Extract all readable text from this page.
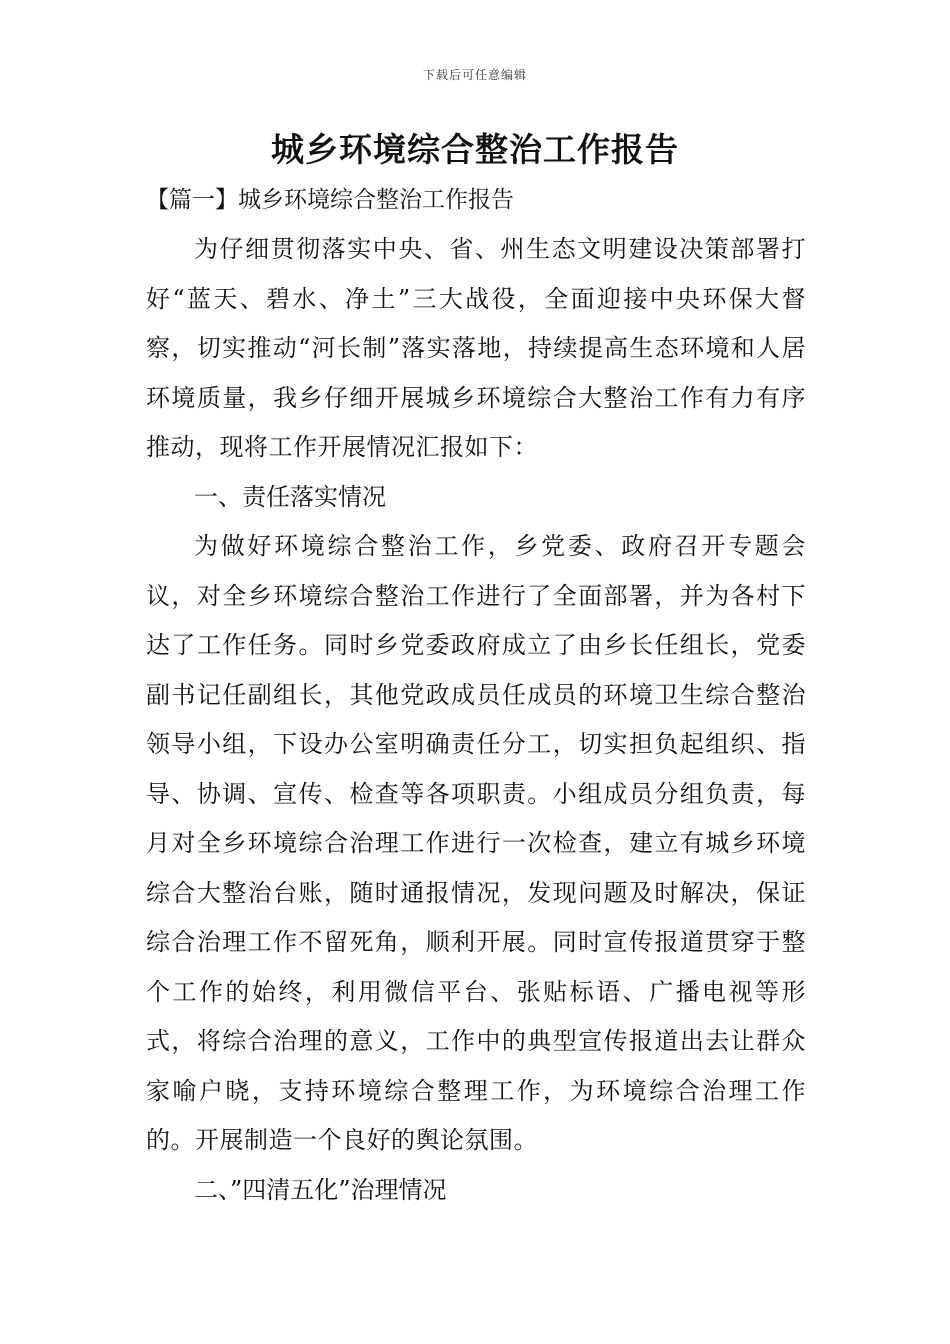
下载后可任意编辑
城乡环境综合整治工作报告

【篇一】城乡环境综合整治工作报告

为仔细贯彻落实中央、省、州生态文明建设决策部署打好“蓝天、碧水、净土”三大战役，全面迎接中央环保大督察，切实推动“河长制”落实落地，持续提高生态环境和人居环境质量，我乡仔细开展城乡环境综合大整治工作有力有序推动，现将工作开展情况汇报如下：

一、责任落实情况

为做好环境综合整治工作，乡党委、政府召开专题会议，对全乡环境综合整治工作进行了全面部署，并为各村下达了工作任务。同时乡党委政府成立了由乡长任组长，党委副书记任副组长，其他党政成员任成员的环境卫生综合整治领导小组，下设办公室明确责任分工，切实担负起组织、指导、协调、宣传、检查等各项职责。小组成员分组负责，每月对全乡环境综合治理工作进行一次检查，建立有城乡环境综合大整治台账，随时通报情况，发现问题及时解决，保证综合治理工作不留死角，顺利开展。同时宣传报道贯穿于整个工作的始终，利用微信平台、张贴标语、广播电视等形式，将综合治理的意义，工作中的典型宣传报道出去让群众家喻户晓，支持环境综合整理工作，为环境综合治理工作的。开展制造一个良好的舆论氛围。

二、”四清五化”治理情况
